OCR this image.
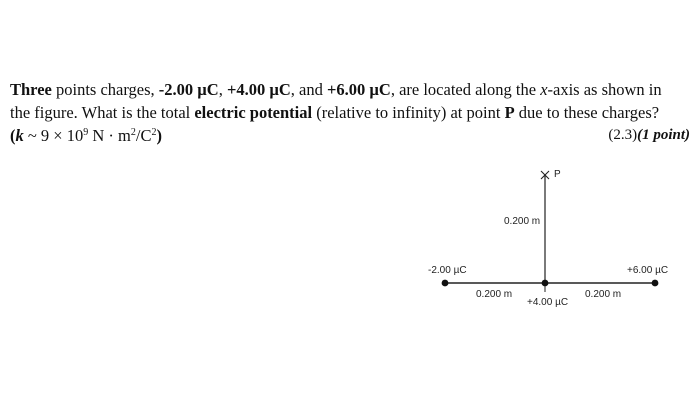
Three points charges, -2.00 µC, +4.00 µC, and +6.00 µC, are located along the x-axis as shown in
the figure. What is the total electric potential (relative to infinity) at point P due to these charges?
(k ~ $9 \times 10^9$ $N \cdot m^2/C^2$)	(2.3)(1 point)
P
0.200 m
-2.00 µC	+6.00 µC
0.200 m	0.200 m
+4.00 µC
